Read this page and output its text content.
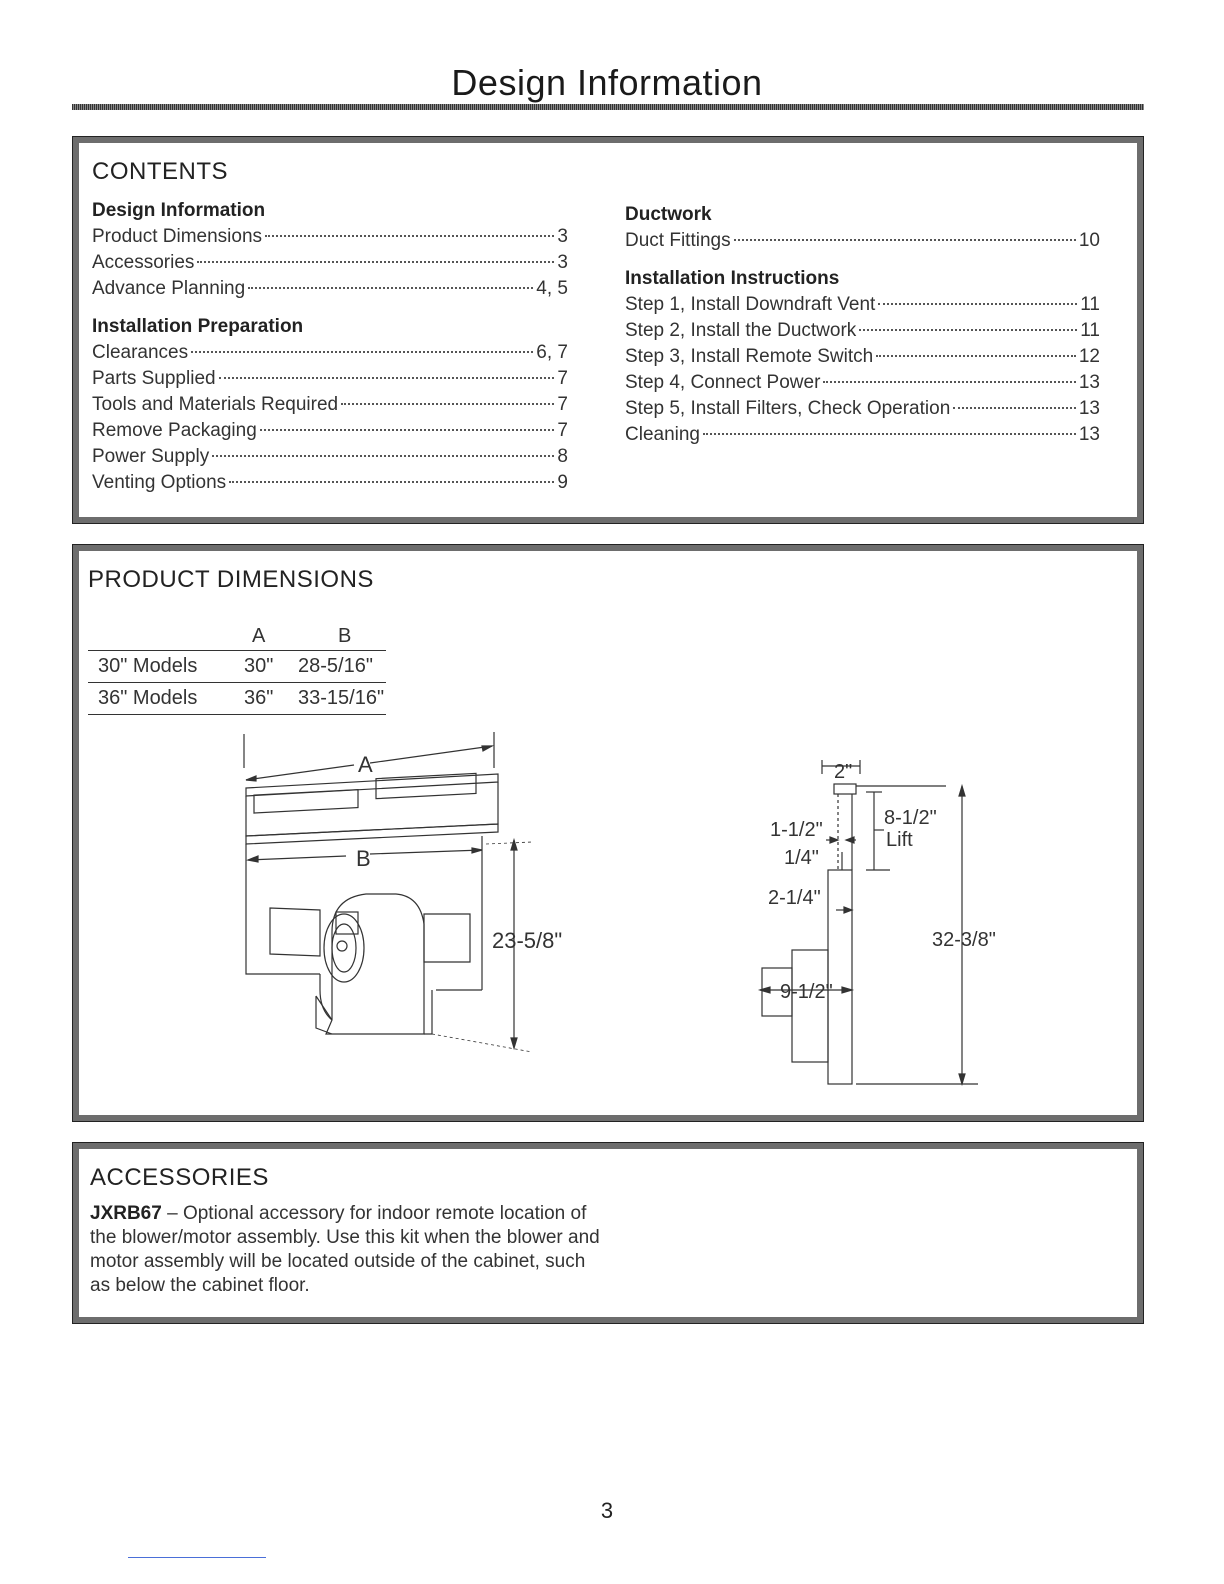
Design Information
CONTENTS
Design Information
Product Dimensions	3
Accessories	3
Advance Planning	4, 5
Installation Preparation
Clearances	6, 7
Parts Supplied	7
Tools and Materials Required	7
Remove Packaging	7
Power Supply	8
Venting Options	9
Ductwork
Duct Fittings	10
Installation Instructions
Step 1, Install Downdraft Vent	11
Step 2, Install the Ductwork	11
Step 3, Install Remote Switch	12
Step 4, Connect Power	13
Step 5, Install Filters, Check Operation	13
Cleaning	13
PRODUCT DIMENSIONS
A	B
30" Models 30" 28-5/16"
36" Models 36" 33-15/16"
A
B
23-5/8"
2"
1-1/2"
1/4"
2-1/4"
8-1/2"
Lift
9-1/2"
32-3/8"
ACCESSORIES
JXRB67 – Optional accessory for indoor remote location of the blower/motor assembly. Use this kit when the blower and motor assembly will be located outside of the cabinet, such as below the cabinet floor.
3
